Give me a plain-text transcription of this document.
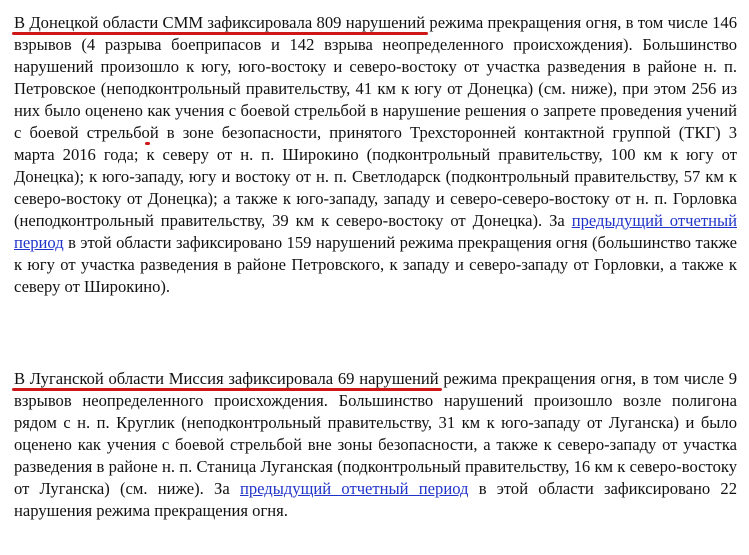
В Донецкой области СММ зафиксировала 809 нарушений режима прекращения огня, в том числе 146 взрывов (4 разрыва боеприпасов и 142 взрыва неопределенного происхождения). Большинство нарушений произошло к югу, юго-востоку и северо-востоку от участка разведения в районе н. п. Петровское (неподконтрольный правительству, 41 км к югу от Донецка) (см. ниже), при этом 256 из них было оценено как учения с боевой стрельбой в нарушение решения о запрете проведения учений с боевой стрельбой в зоне безопасности, принятого Трехсторонней контактной группой (ТКГ) 3 марта 2016 года; к северу от н. п. Широкино (подконтрольный правительству, 100 км к югу от Донецка); к юго-западу, югу и востоку от н. п. Светлодарск (подконтрольный правительству, 57 км к северо-востоку от Донецка); а также к юго-западу, западу и северо-северо-востоку от н. п. Горловка (неподконтрольный правительству, 39 км к северо-востоку от Донецка). За предыдущий отчетный период в этой области зафиксировано 159 нарушений режима прекращения огня (большинство также к югу от участка разведения в районе Петровского, к западу и северо-западу от Горловки, а также к северу от Широкино).

В Луганской области Миссия зафиксировала 69 нарушений режима прекращения огня, в том числе 9 взрывов неопределенного происхождения. Большинство нарушений произошло возле полигона рядом с н. п. Круглик (неподконтрольный правительству, 31 км к юго-западу от Луганска) и было оценено как учения с боевой стрельбой вне зоны безопасности, а также к северо-западу от участка разведения в районе н. п. Станица Луганская (подконтрольный правительству, 16 км к северо-востоку от Луганска) (см. ниже). За предыдущий отчетный период в этой области зафиксировано 22 нарушения режима прекращения огня.
